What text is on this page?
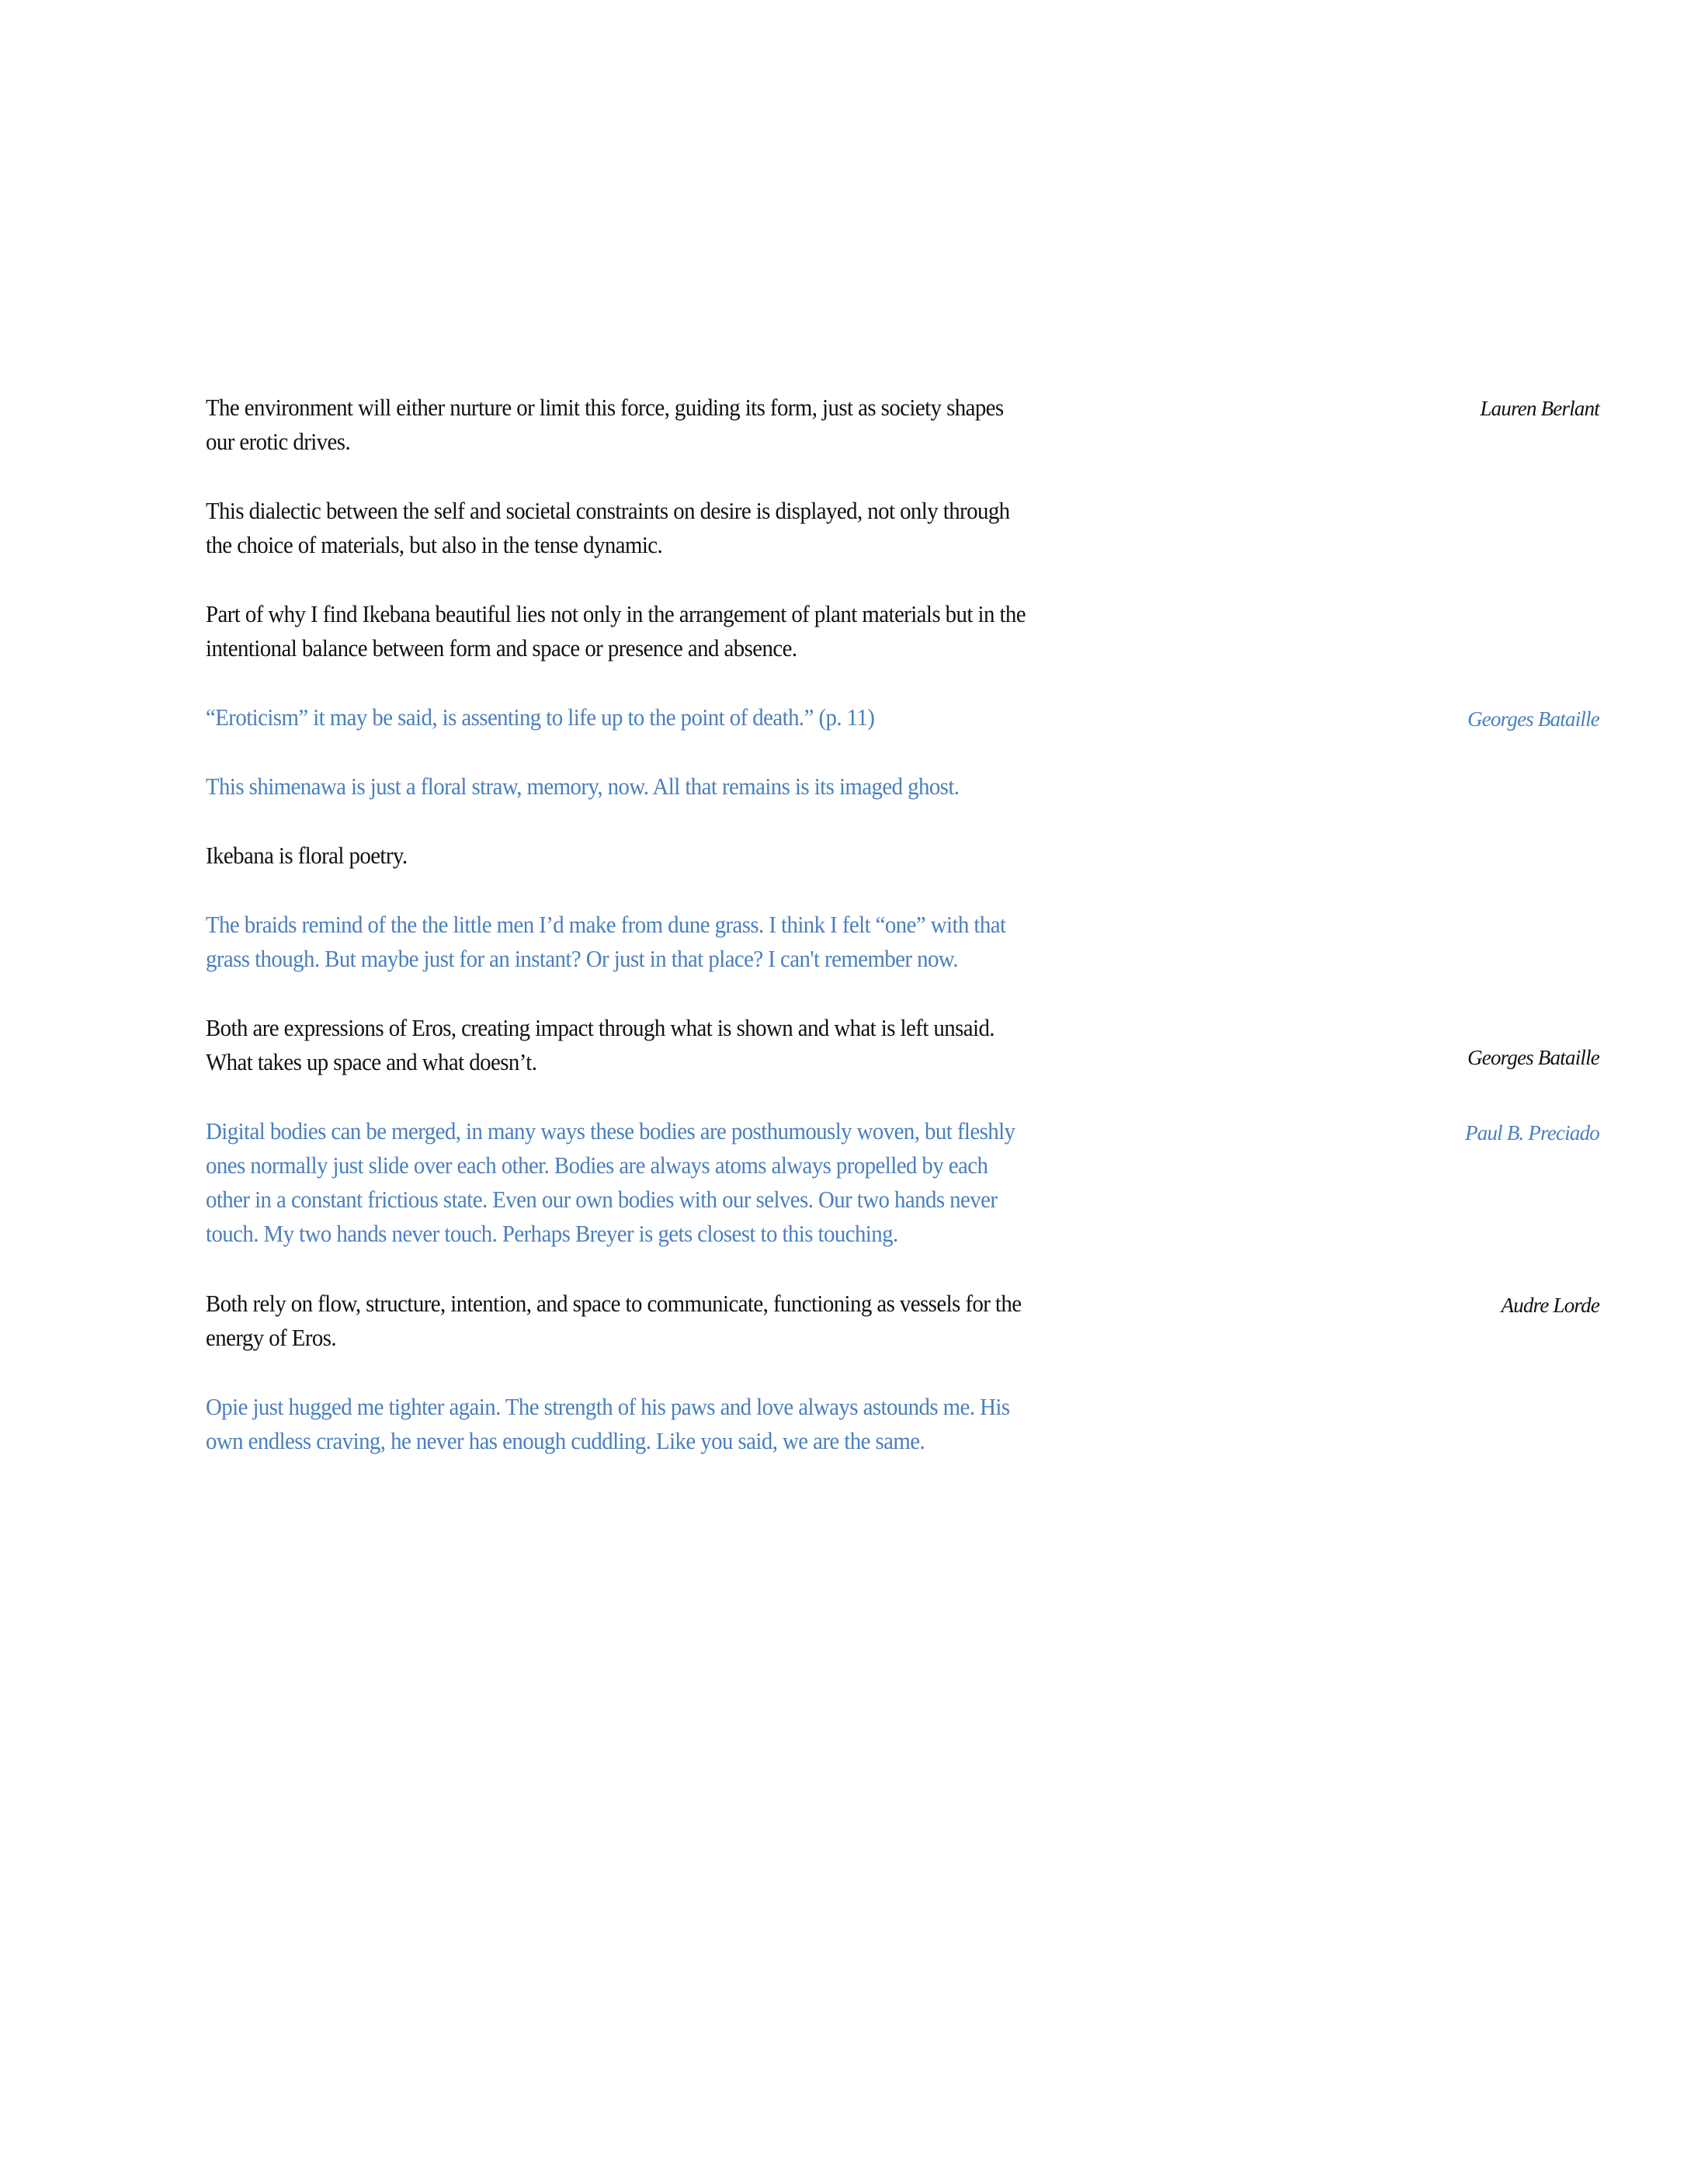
The environment will either nurture or limit this force, guiding its form, just as society shapes our erotic drives.

This dialectic between the self and societal constraints on desire is displayed, not only through the choice of materials, but also in the tense dynamic.

Part of why I find Ikebana beautiful lies not only in the arrangement of plant materials but in the intentional balance between form and space or presence and absence.

“Eroticism” it may be said, is assenting to life up to the point of death.” (p. 11)

This shimenawa is just a floral straw, memory, now. All that remains is its imaged ghost.

Ikebana is floral poetry.

The braids remind of the the little men I’d make from dune grass. I think I felt “one” with that grass though. But maybe just for an instant? Or just in that place? I can't remember now.

Both are expressions of Eros, creating impact through what is shown and what is left unsaid. What takes up space and what doesn’t.

Digital bodies can be merged, in many ways these bodies are posthumously woven, but fleshly ones normally just slide over each other. Bodies are always atoms always propelled by each other in a constant frictious state. Even our own bodies with our selves. Our two hands never touch. My two hands never touch. Perhaps Breyer is gets closest to this touching.

Both rely on flow, structure, intention, and space to communicate, functioning as vessels for the energy of Eros.

Opie just hugged me tighter again. The strength of his paws and love always astounds me. His own endless craving, he never has enough cuddling. Like you said, we are the same.

Lauren Berlant

Georges Bataille

Georges Bataille

Paul B. Preciado

Audre Lorde
